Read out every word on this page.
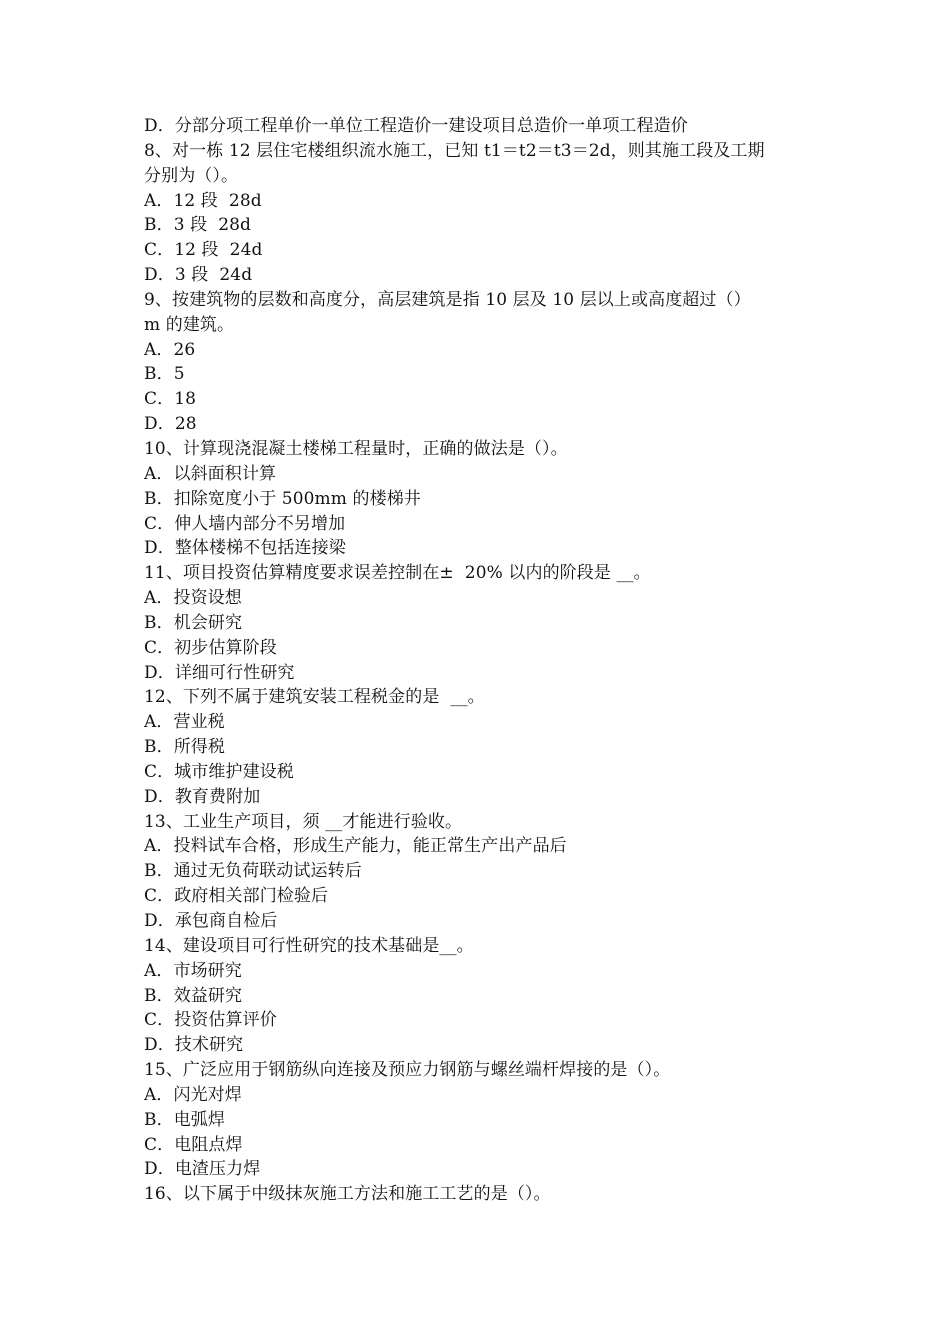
D．分部分项工程单价一单位工程造价一建设项目总造价一单项工程造价
8、对一栋 12 层住宅楼组织流水施工，已知 t1＝t2＝t3＝2d，则其施工段及工期
分别为（）。
A．12 段  28d
B．3 段  28d
C．12 段  24d
D．3 段  24d
9、按建筑物的层数和高度分，高层建筑是指 10 层及 10 层以上或高度超过（）
m 的建筑。
A．26
B．5
C．18
D．28
10、计算现浇混凝土楼梯工程量时，正确的做法是（）。
A．以斜面积计算
B．扣除宽度小于 500mm 的楼梯井
C．伸人墙内部分不另增加
D．整体楼梯不包括连接梁
11、项目投资估算精度要求误差控制在±  20% 以内的阶段是 __。
A．投资设想
B．机会研究
C．初步估算阶段
D．详细可行性研究
12、下列不属于建筑安装工程税金的是  __。
A．营业税
B．所得税
C．城市维护建设税
D．教育费附加
13、工业生产项目，须 __才能进行验收。
A．投料试车合格，形成生产能力，能正常生产出产品后
B．通过无负荷联动试运转后
C．政府相关部门检验后
D．承包商自检后
14、建设项目可行性研究的技术基础是__。
A．市场研究
B．效益研究
C．投资估算评价
D．技术研究
15、广泛应用于钢筋纵向连接及预应力钢筋与螺丝端杆焊接的是（）。
A．闪光对焊
B．电弧焊
C．电阻点焊
D．电渣压力焊
16、以下属于中级抹灰施工方法和施工工艺的是（）。
